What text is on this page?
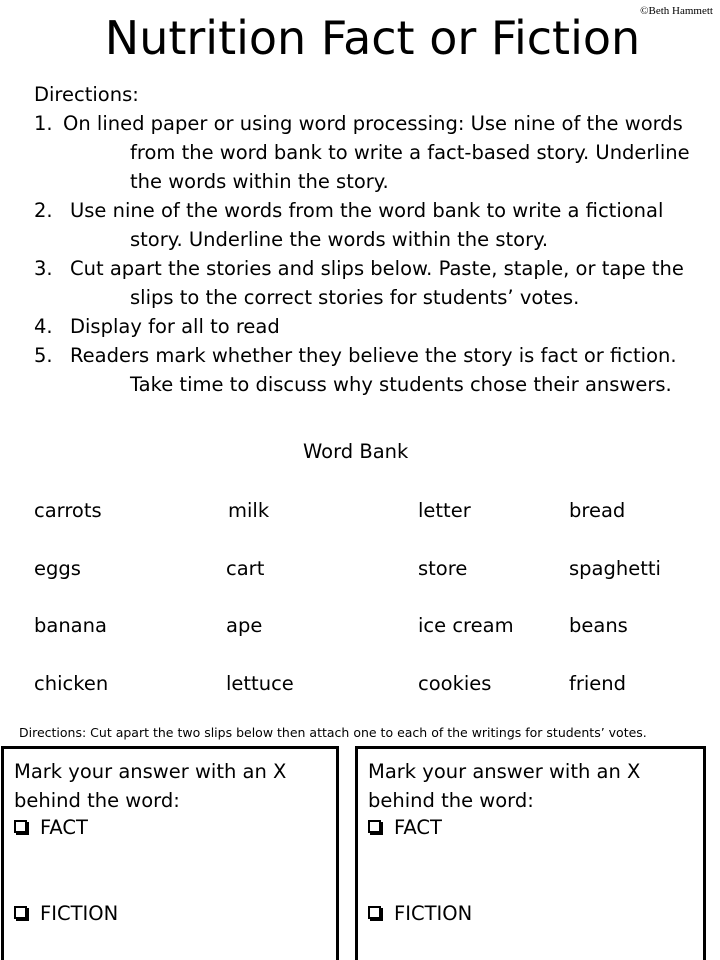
©Beth Hammett
Nutrition Fact or Fiction
Directions:
1. On lined paper or using word processing: Use nine of the words
from the word bank to write a fact-based story. Underline
the words within the story.
2. Use nine of the words from the word bank to write a fictional
story. Underline the words within the story.
3. Cut apart the stories and slips below. Paste, staple, or tape the
slips to the correct stories for students’ votes.
4. Display for all to read
5. Readers mark whether they believe the story is fact or fiction.
Take time to discuss why students chose their answers.
Word Bank
carrots	milk	letter	bread
eggs	cart	store	spaghetti
banana	ape	ice cream	beans
chicken	lettuce	cookies	friend
Directions: Cut apart the two slips below then attach one to each of the writings for students’ votes.
Mark your answer with an X
behind the word:
FACT
FICTION
Mark your answer with an X
behind the word:
FACT
FICTION
